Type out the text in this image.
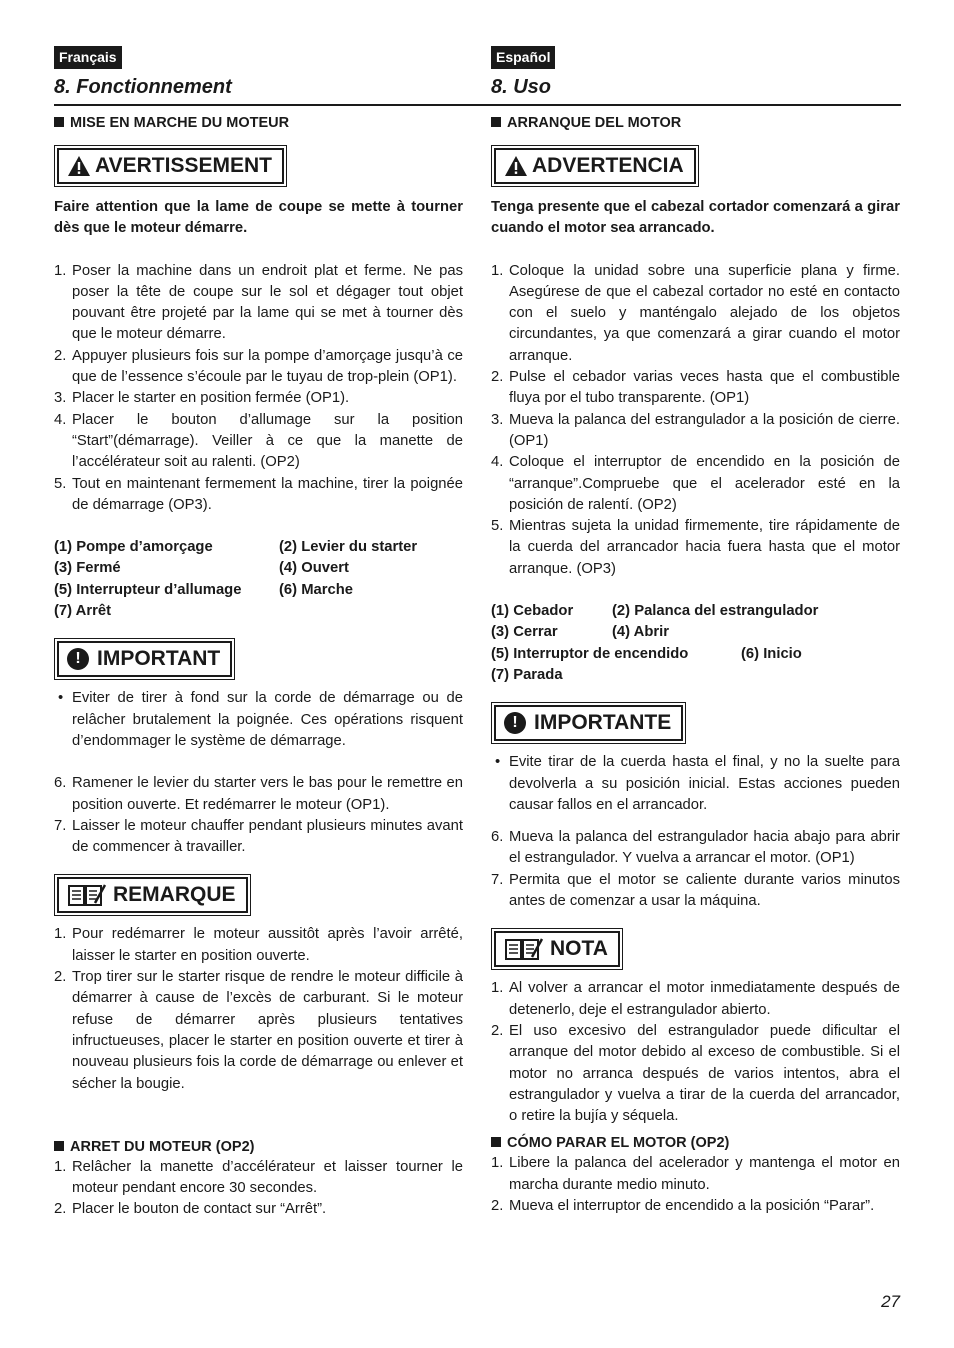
Français
8. Fonctionnement
MISE EN MARCHE DU MOTEUR
AVERTISSEMENT

Faire attention que la lame de coupe se mette à tourner dès que le moteur démarre.

1. Poser la machine dans un endroit plat et ferme. Ne pas poser la tête de coupe sur le sol et dégager tout objet pouvant être projeté par la lame qui se met à tourner dès que le moteur démarre.
2. Appuyer plusieurs fois sur la pompe d’amorçage jusqu’à ce que de l’essence s’écoule par le tuyau de trop-plein (OP1).
3. Placer le starter en position fermée (OP1).
4. Placer le bouton d’allumage sur la position “Start”(démarrage). Veiller à ce que la manette de l’accélérateur soit au ralenti. (OP2)
5. Tout en maintenant fermement la machine, tirer la poignée de démarrage (OP3).
(1) Pompe d’amorçage	(2) Levier du starter
(3) Fermé	(4) Ouvert
(5) Interrupteur d’allumage	(6) Marche
(7) Arrêt
! IMPORTANT
• Eviter de tirer à fond sur la corde de démarrage ou de relâcher brutalement la poignée. Ces opérations risquent d’endommager le système de démarrage.
6. Ramener le levier du starter vers le bas pour le remettre en position ouverte. Et redémarrer le moteur (OP1).
7. Laisser le moteur chauffer pendant plusieurs minutes avant de commencer à travailler.
REMARQUE
1. Pour redémarrer le moteur aussitôt après l’avoir arrêté, laisser le starter en position ouverte.
2. Trop tirer sur le starter risque de rendre le moteur difficile à démarrer à cause de l’excès de carburant. Si le moteur refuse de démarrer après plusieurs tentatives infructueuses, placer le starter en position ouverte et tirer à nouveau plusieurs fois la corde de démarrage ou enlever et sécher la bougie.
ARRET DU MOTEUR (OP2)
1. Relâcher la manette d’accélérateur et laisser tourner le moteur pendant encore 30 secondes.
2. Placer le bouton de contact sur “Arrêt”.
Español
8. Uso
ARRANQUE DEL MOTOR
ADVERTENCIA

Tenga presente que el cabezal cortador comenzará a girar cuando el motor sea arrancado.

1. Coloque la unidad sobre una superficie plana y firme. Asegúrese de que el cabezal cortador no esté en contacto con el suelo y manténgalo alejado de los objetos circundantes, ya que comenzará a girar cuando el motor arranque.
2. Pulse el cebador varias veces hasta que el combustible fluya por el tubo transparente. (OP1)
3. Mueva la palanca del estrangulador a la posición de cierre. (OP1)
4. Coloque el interruptor de encendido en la posición de “arranque”.Compruebe que el acelerador esté en la posición de ralentí. (OP2)
5. Mientras sujeta la unidad firmemente, tire rápidamente de la cuerda del arrancador hacia fuera hasta que el motor arranque. (OP3)
(1) Cebador	(2) Palanca del estrangulador
(3) Cerrar	(4) Abrir
(5) Interruptor de encendido	(6) Inicio
(7) Parada
! IMPORTANTE
• Evite tirar de la cuerda hasta el final, y no la suelte para devolverla a su posición inicial. Estas acciones pueden causar fallos en el arrancador.
6. Mueva la palanca del estrangulador hacia abajo para abrir el estrangulador. Y vuelva a arrancar el motor. (OP1)
7. Permita que el motor se caliente durante varios minutos antes de comenzar a usar la máquina.
NOTA
1. Al volver a arrancar el motor inmediatamente después de detenerlo, deje el estrangulador abierto.
2. El uso excesivo del estrangulador puede dificultar el arranque del motor debido al exceso de combustible. Si el motor no arranca después de varios intentos, abra el estrangulador y vuelva a tirar de la cuerda del arrancador, o retire la bujía y séquela.
CÓMO PARAR EL MOTOR (OP2)
1. Libere la palanca del acelerador y mantenga el motor en marcha durante medio minuto.
2. Mueva el interruptor de encendido a la posición “Parar”.
27
